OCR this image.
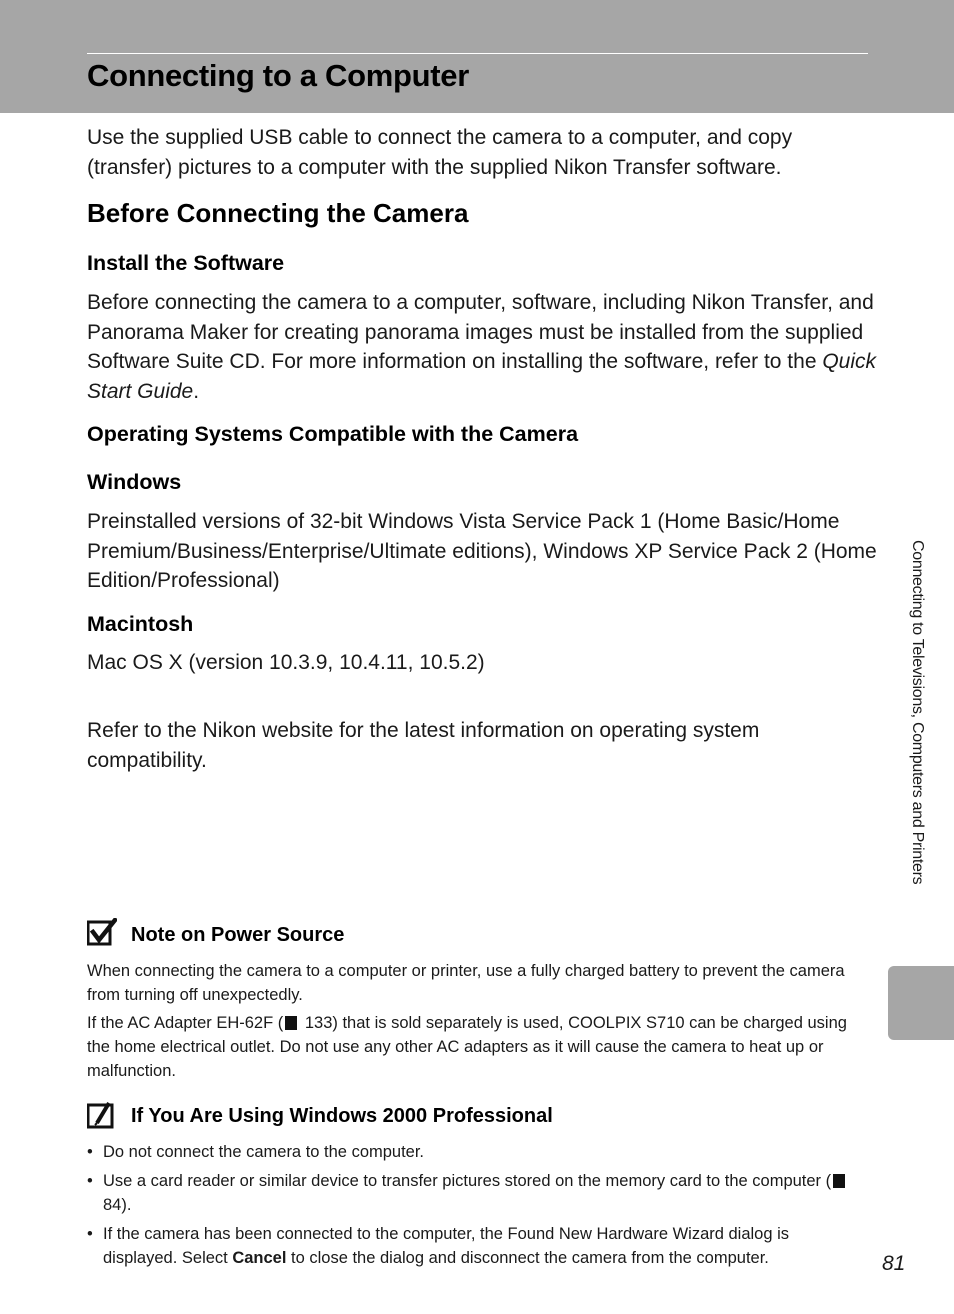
Connecting to a Computer

Use the supplied USB cable to connect the camera to a computer, and copy (transfer) pictures to a computer with the supplied Nikon Transfer software.

Before Connecting the Camera
Install the Software

Before connecting the camera to a computer, software, including Nikon Transfer, and Panorama Maker for creating panorama images must be installed from the supplied Software Suite CD. For more information on installing the software, refer to the Quick Start Guide.

Operating Systems Compatible with the Camera
Windows

Preinstalled versions of 32-bit Windows Vista Service Pack 1 (Home Basic/Home Premium/Business/Enterprise/Ultimate editions), Windows XP Service Pack 2 (Home Edition/Professional)

Macintosh

Mac OS X (version 10.3.9, 10.4.11, 10.5.2)

Refer to the Nikon website for the latest information on operating system compatibility.

Note on Power Source

When connecting the camera to a computer or printer, use a fully charged battery to prevent the camera from turning off unexpectedly.

If the AC Adapter EH-62F ( 133) that is sold separately is used, COOLPIX S710 can be charged using the home electrical outlet. Do not use any other AC adapters as it will cause the camera to heat up or malfunction.

If You Are Using Windows 2000 Professional
• Do not connect the camera to the computer.
• Use a card reader or similar device to transfer pictures stored on the memory card to the computer ( 84).
• If the camera has been connected to the computer, the Found New Hardware Wizard dialog is displayed. Select Cancel to close the dialog and disconnect the camera from the computer.
Connecting to Televisions, Computers and Printers
81
